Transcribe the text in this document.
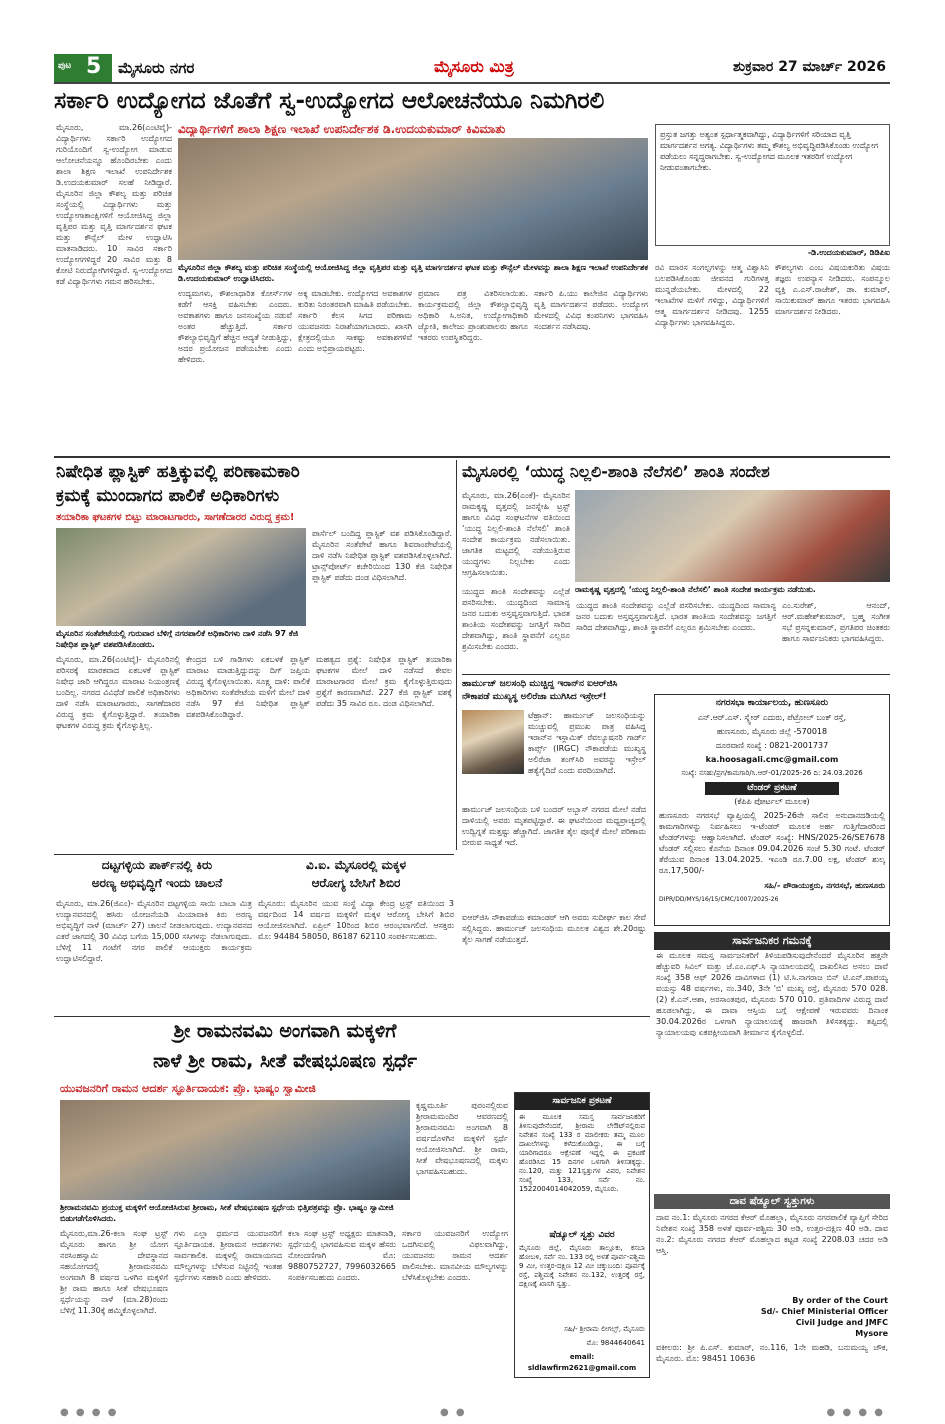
ಪುಟ 5 ಮೈಸೂರು ನಗರ	ಮೈಸೂರು ಮಿತ್ರ	ಶುಕ್ರವಾರ 27 ಮಾರ್ಚ್ 2026
ಸರ್ಕಾರಿ ಉದ್ಯೋಗದ ಜೊತೆಗೆ ಸ್ವ-ಉದ್ಯೋಗದ ಆಲೋಚನೆಯೂ ನಿಮಗಿರಲಿ
ವಿದ್ಯಾರ್ಥಿಗಳಿಗೆ ಶಾಲಾ ಶಿಕ್ಷಣ ಇಲಾಖೆ ಉಪನಿರ್ದೇಶಕ ಡಿ.ಉದಯಕುಮಾರ್ ಕಿವಿಮಾತು
ಮೈಸೂರು, ಮಾ.26(ಎಂಟಿವೈ)- ವಿದ್ಯಾರ್ಥಿಗಳು ಸರ್ಕಾರಿ ಉದ್ಯೋಗದ ಗುರಿಯೊಂದಿಗೆ ಸ್ವ-ಉದ್ಯೋಗ ಮಾಡುವ ಆಲೋಚನೆಯನ್ನೂ ಹೊಂದಿರಬೇಕು ಎಂದು ಶಾಲಾ ಶಿಕ್ಷಣ ಇಲಾಖೆ ಉಪನಿರ್ದೇಶಕ ಡಿ.ಉದಯಕುಮಾರ್ ಸಲಹೆ ನೀಡಿದ್ದಾರೆ. ಮೈಸೂರಿನ ಜಿಲ್ಲಾ ಕೌಶಲ್ಯ ಮತ್ತು ಪರಿಚಿತ ಸಂಸ್ಥೆಯಲ್ಲಿ ವಿದ್ಯಾರ್ಥಿಗಳು ಮತ್ತು ಉದ್ಯೋಗಾಕಾಂಕ್ಷಿಗಳಿಗೆ ಆಯೋಜಿಸಿದ್ದ ಜಿಲ್ಲಾ ವೃತ್ತಿಪರ ಮತ್ತು ವೃತ್ತಿ ಮಾರ್ಗದರ್ಶನ ಘಟಕ ಮತ್ತು ಕೌನ್ಸೆಲ್ ಮೇಳ ಉದ್ಘಾಟಿಸಿ ಮಾತನಾಡಿದರು. 10 ಸಾವಿರ ಸರ್ಕಾರಿ ಉದ್ಯೋಗಗಳಿದ್ದರೆ 20 ಸಾವಿರ ಮತ್ತು 8 ಕೋಟಿ ನಿರುದ್ಯೋಗಿಗಳಿದ್ದಾರೆ. ಸ್ವ-ಉದ್ಯೋಗದ ಕಡೆ ವಿದ್ಯಾರ್ಥಿಗಳು ಗಮನ ಹರಿಸಬೇಕು.
ಮೈಸೂರಿನ ಜಿಲ್ಲಾ ಕೌಶಲ್ಯ ಮತ್ತು ಪರಿಚಿತ ಸಂಸ್ಥೆಯಲ್ಲಿ ಆಯೋಜಿಸಿದ್ದ ಜಿಲ್ಲಾ ವೃತ್ತಿಪರ ಮತ್ತು ವೃತ್ತಿ ಮಾರ್ಗದರ್ಶನ ಘಟಕ ಮತ್ತು ಕೌನ್ಸೆಲ್ ಮೇಳವನ್ನು ಶಾಲಾ ಶಿಕ್ಷಣ ಇಲಾಖೆ ಉಪನಿರ್ದೇಶಕ ಡಿ.ಉದಯಕುಮಾರ್ ಉದ್ಘಾಟಿಸಿದರು.
ಉದ್ಯಮಗಳು, ಕೌಶಲಾಧಾರಿತ ಕೋರ್ಸ್‌ಗಳ ಕಡೆಗೆ ಆಸಕ್ತಿ ವಹಿಸಬೇಕು ಎಂದರು. ಅವಕಾಶಗಳು ಹಾಗೂ ಜನಸಂಖ್ಯೆಯ ನಡುವೆ ಅಂತರ ಹೆಚ್ಚುತ್ತಿದೆ. ಸರ್ಕಾರ ಕೌಶಲ್ಯಾಭಿವೃದ್ಧಿಗೆ ಹೆಚ್ಚಿನ ಆದ್ಯತೆ ನೀಡುತ್ತಿದ್ದು, ಅದರ ಪ್ರಯೋಜನ ಪಡೆಯಬೇಕು ಎಂದು ಹೇಳಿದರು.
ಅಕ್ಕ ಮಾಡಬೇಕು. ಉದ್ಯೋಗದ ಅವಕಾಶಗಳ ಕುರಿತು ನಿರಂತರವಾಗಿ ಮಾಹಿತಿ ಪಡೆಯಬೇಕು. ಸರ್ಕಾರಿ ಕೆಲಸ ಸಿಗದ ಪರಿಣಾಮ ಯುವಜನರು ನಿರಾಶೆಯಾಗಬಾರದು. ಖಾಸಗಿ ಕ್ಷೇತ್ರದಲ್ಲಿಯೂ ಸಾಕಷ್ಟು ಅವಕಾಶಗಳಿವೆ ಎಂದು ಅಭಿಪ್ರಾಯಪಟ್ಟರು.
ಪ್ರಮಾಣ ಪತ್ರ ವಿತರಿಸಲಾಯಿತು. ಕಾರ್ಯಕ್ರಮದಲ್ಲಿ ಜಿಲ್ಲಾ ಕೌಶಲ್ಯಾಭಿವೃದ್ಧಿ ಅಧಿಕಾರಿ ಸಿ.ಅನಿತ, ಉದ್ಯೋಗಾಧಿಕಾರಿ ಜ್ಯೋತಿ, ಕಾಲೇಜು ಪ್ರಾಂಶುಪಾಲರು ಹಾಗೂ ಇತರರು ಉಪಸ್ಥಿತರಿದ್ದರು.
ಸರ್ಕಾರಿ ಪಿ.ಯು ಕಾಲೇಜಿನ ವಿದ್ಯಾರ್ಥಿಗಳು ವೃತ್ತಿ ಮಾರ್ಗದರ್ಶನ ಪಡೆದರು. ಉದ್ಯೋಗ ಮೇಳದಲ್ಲಿ ವಿವಿಧ ಕಂಪನಿಗಳು ಭಾಗವಹಿಸಿ ಸಂದರ್ಶನ ನಡೆಸಿದವು.
ಪ್ರಸ್ತುತ ಜಗತ್ತು ಅತ್ಯಂತ ಸ್ಪರ್ಧಾತ್ಮಕವಾಗಿದ್ದು, ವಿದ್ಯಾರ್ಥಿಗಳಿಗೆ ಸರಿಯಾದ ವೃತ್ತಿ ಮಾರ್ಗದರ್ಶನ ಅಗತ್ಯ. ವಿದ್ಯಾರ್ಥಿಗಳು ತಮ್ಮ ಕೌಶಲ್ಯ ಅಭಿವೃದ್ಧಿಪಡಿಸಿಕೊಂಡು ಉದ್ಯೋಗ ಪಡೆಯಲು ಸನ್ನದ್ಧರಾಗಬೇಕು. ಸ್ವ-ಉದ್ಯೋಗದ ಮೂಲಕ ಇತರರಿಗೆ ಉದ್ಯೋಗ ನೀಡುವಂತಾಗಬೇಕು.
-ಡಿ.ಉದಯಕುಮಾರ್, ಡಿಡಿಪಿಐ
ರವಿ ಮಾರಸ ಸಂಗಲ್ಪಗಳನ್ನು ಆತ್ಮ ವಿಶ್ವಾಸಿನಿ ಬಲಪಡಿಸಿಕೊಂಡು ಜೀವನದ ಗುರಿಗಳತ್ತ ಮುನ್ನಡೆಯಬೇಕು. ಮೇಳದಲ್ಲಿ 22 ಇಲಾಖೆಗಳ ಮಳಿಗೆ ಗಳಿದ್ದು, ವಿದ್ಯಾರ್ಥಿಗಳಿಗೆ ಆತ್ಮ ಮಾರ್ಗದರ್ಶನ ನೀಡಿದವು. 1255 ವಿದ್ಯಾರ್ಥಿಗಳು ಭಾಗವಹಿಸಿದ್ದರು.
ಕೌಶಲ್ಯಗಳು ಎಂಬ ವಿಷಯಕುರಿತು ವಿಷಯ ತಜ್ಞರು ಉಪನ್ಯಾಸ ನೀಡಿದರು. ಸಂಪನ್ಮೂಲ ವ್ಯಕ್ತಿ ಎ.ಎಸ್.ರಾಜೇಶ್, ಡಾ. ಕುಮಾರ್, ಸಾಯಿಕುಮಾರ್ ಹಾಗೂ ಇತರರು ಭಾಗವಹಿಸಿ ಮಾರ್ಗದರ್ಶನ ನೀಡಿದರು.
ನಿಷೇಧಿತ ಪ್ಲಾಸ್ಟಿಕ್ ಹತ್ತಿಕ್ಕುವಲ್ಲಿ ಪರಿಣಾಮಕಾರಿ
ಕ್ರಮಕ್ಕೆ ಮುಂದಾಗದ ಪಾಲಿಕೆ ಅಧಿಕಾರಿಗಳು
ತಯಾರಿಕಾ ಘಟಕಗಳ ಬಿಟ್ಟು ಮಾರಾಟಗಾರರು, ಸಾಗಣೆದಾರರ ವಿರುದ್ಧ ಕ್ರಮ!
ಮೈಸೂರಿನ ಸಂತೆಪೇಟೆಯಲ್ಲಿ ಗುರುವಾರ ಬೆಳಿಗ್ಗೆ ನಗರಪಾಲಿಕೆ ಅಧಿಕಾರಿಗಳು ದಾಳಿ ನಡೆಸಿ 97 ಕೆಜಿ ನಿಷೇಧಿತ ಪ್ಲಾಸ್ಟಿಕ್ ವಶಪಡಿಸಿಕೊಂಡರು.
ಪಾರ್ಸೆಲ್ ಬಂದಿದ್ದ ಪ್ಲಾಸ್ಟಿಕ್ ವಶ ಪಡಿಸಿಕೊಂಡಿದ್ದಾರೆ. ಮೈಸೂರಿನ ಸಂತೆಪೇಟೆ ಹಾಗೂ ಶಿವರಾಂಪೇಟೆಯಲ್ಲಿ ದಾಳಿ ನಡೆಸಿ ನಿಷೇಧಿತ ಪ್ಲಾಸ್ಟಿಕ್ ವಶಪಡಿಸಿಕೊಳ್ಳಲಾಗಿದೆ. ಟ್ರಾನ್ಸ್‌ಪೋರ್ಟ್ ಕಚೇರಿಯಿಂದ 130 ಕೆಜಿ ನಿಷೇಧಿತ ಪ್ಲಾಸ್ಟಿಕ್ ಪಡೆದು ದಂಡ ವಿಧಿಸಲಾಗಿದೆ.
ಮೈಸೂರು, ಮಾ.26(ಎಂಟಿವೈ)- ಮೈಸೂರಿನಲ್ಲಿ ಪರಿಸರಕ್ಕೆ ಮಾರಕವಾದ ಏಕಬಳಕೆ ಪ್ಲಾಸ್ಟಿಕ್ ನಿಷೇಧ ಜಾರಿ ಆಗಿದ್ದರೂ ಮಾರಾಟ ನಿಯಂತ್ರಣಕ್ಕೆ ಬಂದಿಲ್ಲ. ನಗರದ ವಿವಿಧೆಡೆ ಪಾಲಿಕೆ ಅಧಿಕಾರಿಗಳು ದಾಳಿ ನಡೆಸಿ ಮಾರಾಟಗಾರರು, ಸಾಗಣೆದಾರರ ವಿರುದ್ಧ ಕ್ರಮ ಕೈಗೊಳ್ಳುತ್ತಿದ್ದಾರೆ. ತಯಾರಿಕಾ ಘಟಕಗಳ ವಿರುದ್ಧ ಕ್ರಮ ಕೈಗೊಳ್ಳುತ್ತಿಲ್ಲ.
ಕೇಂದ್ರದ ಬಳಿ ಗಾಡಿಗಳು ಏಕಬಳಕೆ ಪ್ಲಾಸ್ಟಿಕ್ ಮಾರಾಟ ಮಾಡುತ್ತಿದ್ದುದನ್ನು ದಿಗ್ ಜಪ್ತಿಯ ವಿರುದ್ಧ ಕೈಗೊಳ್ಳಲಾಯಿತು. ಸೂಕ್ಷ್ಮ ದಾಳಿ: ಪಾಲಿಕೆ ಅಧಿಕಾರಿಗಳು ಸಂತೆಪೇಟೆಯ ಮಳಿಗೆ ಮೇಲೆ ದಾಳಿ ನಡೆಸಿ 97 ಕೆಜಿ ನಿಷೇಧಿತ ಪ್ಲಾಸ್ಟಿಕ್ ವಶಪಡಿಸಿಕೊಂಡಿದ್ದಾರೆ.
ಮಹತ್ವದ ಪ್ರಶ್ನೆ: ನಿಷೇಧಿತ ಪ್ಲಾಸ್ಟಿಕ್ ತಯಾರಿಕಾ ಘಟಕಗಳ ಮೇಲೆ ದಾಳಿ ನಡೆಸದೆ ಕೇವಲ ಮಾರಾಟಗಾರರ ಮೇಲೆ ಕ್ರಮ ಕೈಗೊಳ್ಳುತ್ತಿರುವುದು ಪ್ರಶ್ನೆಗೆ ಕಾರಣವಾಗಿದೆ. 227 ಕೆಜಿ ಪ್ಲಾಸ್ಟಿಕ್ ವಶಕ್ಕೆ ಪಡೆದು 35 ಸಾವಿರ ರೂ. ದಂಡ ವಿಧಿಸಲಾಗಿದೆ.
ಮೈಸೂರಲ್ಲಿ ‘ಯುದ್ಧ ನಿಲ್ಲಲಿ-ಶಾಂತಿ ನೆಲೆಸಲಿ’ ಶಾಂತಿ ಸಂದೇಶ
ಮೈಸೂರು, ಮಾ.26(ಎಂಕೆ)- ಮೈಸೂರಿನ ರಾಮಕೃಷ್ಣ ವೃತ್ತದಲ್ಲಿ ಜನಸ್ನೇಹಿ ಟ್ರಸ್ಟ್ ಹಾಗೂ ವಿವಿಧ ಸಂಘಟನೆಗಳ ವತಿಯಿಂದ ‘ಯುದ್ಧ ನಿಲ್ಲಲಿ-ಶಾಂತಿ ನೆಲೆಸಲಿ’ ಶಾಂತಿ ಸಂದೇಶ ಕಾರ್ಯಕ್ರಮ ನಡೆಸಲಾಯಿತು. ಜಾಗತಿಕ ಮಟ್ಟದಲ್ಲಿ ನಡೆಯುತ್ತಿರುವ ಯುದ್ಧಗಳು ನಿಲ್ಲಬೇಕು ಎಂದು ಆಗ್ರಹಿಸಲಾಯಿತು.
ರಾಮಕೃಷ್ಣ ವೃತ್ತದಲ್ಲಿ ‘ಯುದ್ಧ ನಿಲ್ಲಲಿ-ಶಾಂತಿ ನೆಲೆಸಲಿ’ ಶಾಂತಿ ಸಂದೇಶ ಕಾರ್ಯಕ್ರಮ ನಡೆಯಿತು.
ಯುದ್ಧದ ಶಾಂತಿ ಸಂದೇಶವನ್ನು ಎಲ್ಲೆಡೆ ಪಸರಿಸಬೇಕು. ಯುದ್ಧದಿಂದ ಸಾಮಾನ್ಯ ಜನರ ಬದುಕು ಅಸ್ತವ್ಯಸ್ತವಾಗುತ್ತಿದೆ. ಭಾರತ ಶಾಂತಿಯ ಸಂದೇಶವನ್ನು ಜಗತ್ತಿಗೆ ಸಾರಿದ ದೇಶವಾಗಿದ್ದು, ಶಾಂತಿ ಸ್ಥಾಪನೆಗೆ ಎಲ್ಲರೂ ಶ್ರಮಿಸಬೇಕು ಎಂದರು.
ಯುದ್ಧದ ಶಾಂತಿ ಸಂದೇಶವನ್ನು ಎಲ್ಲೆಡೆ ಪಸರಿಸಬೇಕು. ಯುದ್ಧದಿಂದ ಸಾಮಾನ್ಯ ಜನರ ಬದುಕು ಅಸ್ತವ್ಯಸ್ತವಾಗುತ್ತಿದೆ. ಭಾರತ ಶಾಂತಿಯ ಸಂದೇಶವನ್ನು ಜಗತ್ತಿಗೆ ಸಾರಿದ ದೇಶವಾಗಿದ್ದು, ಶಾಂತಿ ಸ್ಥಾಪನೆಗೆ ಎಲ್ಲರೂ ಶ್ರಮಿಸಬೇಕು ಎಂದರು.
ಎಂ.ಸುರೇಶ್, ಆನಂದ್, ಆರ್.ಮಹೇಶ್‌ಕುಮಾರ್, ಬ್ರಹ್ಮ ಸಂಗೀತ ಸಭೆ ಪ್ರಸನ್ನಕುಮಾರ್, ಪ್ರಗತಿಪರ ಚಿಂತಕರು ಹಾಗೂ ಸಾರ್ವಜನಿಕರು ಭಾಗವಹಿಸಿದ್ದರು.
ಹಾರ್ಮುಜ್ ಜಲಸಂಧಿ ಮುಚ್ಚಿದ್ದ ಇರಾನ್‌ನ ಐಆರ್‌ಜಿಸಿ ನೌಕಾಪಡೆ ಮುಖ್ಯಸ್ಥ ಅಲಿರೆಜಾ ಮುಗಿಸಿದ ಇಸ್ರೇಲ್!
ಟೆಹ್ರಾನ್: ಹಾರ್ಮುಜ್ ಜಲಸಂಧಿಯನ್ನು ಮುಚ್ಚುವಲ್ಲಿ ಪ್ರಮುಖ ಪಾತ್ರ ವಹಿಸಿದ್ದ ಇರಾನ್‌ನ ಇಸ್ಲಾಮಿಕ್ ರೆವಲ್ಯೂಷನರಿ ಗಾರ್ಡ್ ಕಾರ್ಪ್ಸ್ (IRGC) ನೌಕಾಪಡೆಯ ಮುಖ್ಯಸ್ಥ ಅಲಿರೆಜಾ ತಂಗ್‌ಸಿರಿ ಅವರನ್ನು ಇಸ್ರೇಲ್ ಹತ್ಯೆಗೈದಿದೆ ಎಂದು ವರದಿಯಾಗಿದೆ.
ಹಾರ್ಮುಜ್ ಜಲಸಂಧಿಯ ಬಳಿ ಬಂದರ್ ಅಬ್ಬಾಸ್ ನಗರದ ಮೇಲೆ ನಡೆದ ದಾಳಿಯಲ್ಲಿ ಅವರು ಮೃತಪಟ್ಟಿದ್ದಾರೆ. ಈ ಘಟನೆಯಿಂದ ಮಧ್ಯಪ್ರಾಚ್ಯದಲ್ಲಿ ಉದ್ವಿಗ್ನತೆ ಮತ್ತಷ್ಟು ಹೆಚ್ಚಾಗಿದೆ. ಜಾಗತಿಕ ತೈಲ ಪೂರೈಕೆ ಮೇಲೆ ಪರಿಣಾಮ ಬೀರುವ ಸಾಧ್ಯತೆ ಇದೆ.
ಐಆರ್‌ಜಿಸಿ ನೌಕಾಪಡೆಯ ಕಮಾಂಡರ್ ಆಗಿ ಅವರು ಸುದೀರ್ಘ ಕಾಲ ಸೇವೆ ಸಲ್ಲಿಸಿದ್ದರು. ಹಾರ್ಮುಜ್ ಜಲಸಂಧಿಯ ಮೂಲಕ ವಿಶ್ವದ ಶೇ.20ರಷ್ಟು ತೈಲ ಸಾಗಣೆ ನಡೆಯುತ್ತದೆ.
ನಗರಸಭಾ ಕಾರ್ಯಾಲಯ, ಹುಣಸೂರು
ಎನ್.ಆರ್.ಎಸ್. ಸ್ಕ್ವೇರ್ ಎದುರು, ಪೆಟ್ರೋಲ್ ಬಂಕ್ ರಸ್ತೆ,
ಹುಣಸೂರು, ಮೈಸೂರು ಜಿಲ್ಲೆ -570018
ದೂರವಾಣಿ ಸಂಖ್ಯೆ : 0821-2001737
ka.hoosagali.cmc@gmail.com
ಸಂಖ್ಯೆ: ನಸಹು/ಪ್ರಗ/ಕಾಮಗಾರಿ/ಸಿ.ಆರ್-01/2025-26 ದಿ: 24.03.2026
ಟೆಂಡರ್ ಪ್ರಕಟಣೆ
(ಕೆಪಿಪಿ ಪೋರ್ಟಲ್ ಮೂಲಕ)
ಹುಣಸೂರು ನಗರಸಭೆ ವ್ಯಾಪ್ತಿಯಲ್ಲಿ 2025-26ನೇ ಸಾಲಿನ ಅನುದಾನದಡಿಯಲ್ಲಿ ಕಾಮಗಾರಿಗಳನ್ನು ನಿರ್ವಹಿಸಲು ಇ-ಟೆಂಡರ್ ಮೂಲಕ ಅರ್ಹ ಗುತ್ತಿಗೆದಾರರಿಂದ ಟೆಂಡರ್‌ಗಳನ್ನು ಆಹ್ವಾನಿಸಲಾಗಿದೆ. ಟೆಂಡರ್ ಸಂಖ್ಯೆ: HNS/2025-26/SE7678 ಟೆಂಡರ್ ಸಲ್ಲಿಸಲು ಕೊನೆಯ ದಿನಾಂಕ 09.04.2026 ಸಂಜೆ 5.30 ಗಂಟೆ. ಟೆಂಡರ್ ತೆರೆಯುವ ದಿನಾಂಕ 13.04.2025. ಇಎಂಡಿ ರೂ.7.00 ಲಕ್ಷ, ಟೆಂಡರ್ ಶುಲ್ಕ ರೂ.17,500/-
ಸಹಿ/- ಪೌರಾಯುಕ್ತರು, ನಗರಸಭೆ, ಹುಣಸೂರು
DIPR/DD/MYS/16/15/CMC/1007/2025-26
ದಟ್ಟಗಳ್ಳಿಯ ಪಾರ್ಕ್‌ನಲ್ಲಿ ಕಿರು
ಅರಣ್ಯ ಅಭಿವೃದ್ಧಿಗೆ ಇಂದು ಚಾಲನೆ
ಮೈಸೂರು, ಮಾ.26(ಜಿಎಂ)- ಮೈಸೂರಿನ ದಟ್ಟಗಳ್ಳಿಯ ಸಾಯಿ ಬಾಬಾ ಮಿತ್ರ ಉದ್ಯಾನವನದಲ್ಲಿ ಹಸಿರು ಯೋಜನೆಯಡಿ ಮಿಯಾವಾಕಿ ಕಿರು ಅರಣ್ಯ ಅಭಿವೃದ್ಧಿಗೆ ನಾಳೆ (ಮಾರ್ಚ್ 27) ಚಾಲನೆ ನೀಡಲಾಗುವುದು. ಉದ್ಯಾನವನದ ಎಕರೆ ಜಾಗದಲ್ಲಿ 30 ವಿವಿಧ ಬಗೆಯ 15,000 ಸಸಿಗಳನ್ನು ನೆಡಲಾಗುವುದು. ಬೆಳಿಗ್ಗೆ 11 ಗಂಟೆಗೆ ನಗರ ಪಾಲಿಕೆ ಆಯುಕ್ತರು ಕಾರ್ಯಕ್ರಮ ಉದ್ಘಾಟಿಸಲಿದ್ದಾರೆ.
ವಿ.ಐ. ಮೈಸೂರಲ್ಲಿ ಮಕ್ಕಳ
ಆರೋಗ್ಯ ಬೇಸಿಗೆ ಶಿಬಿರ
ಮೈಸೂರು: ಮೈಸೂರಿನ ಯುವ ಸಂಸ್ಥೆ ವಿದ್ಯಾ ಕೇಂದ್ರ ಟ್ರಸ್ಟ್ ವತಿಯಿಂದ 3 ವರ್ಷದಿಂದ 14 ವರ್ಷದ ಮಕ್ಕಳಿಗೆ ಮಕ್ಕಳ ಆರೋಗ್ಯ ಬೇಸಿಗೆ ಶಿಬಿರ ಆಯೋಜಿಸಲಾಗಿದೆ. ಏಪ್ರಿಲ್ 10ರಿಂದ ಶಿಬಿರ ಆರಂಭವಾಗಲಿದೆ. ಆಸಕ್ತರು ಮೊ: 94484 58050, 86187 62110 ಸಂಪರ್ಕಿಸಬಹುದು.	ಸಾರ್ವಜನಿಕರ ಗಮನಕ್ಕೆ
ಈ ಮೂಲಕ ಸಮಸ್ತ ಸಾರ್ವಜನಿಕರಿಗೆ ತಿಳಿಯಪಡಿಸುವುದೇನೆಂದರೆ ಮೈಸೂರಿನ ಹತ್ತನೇ ಹೆಚ್ಚುವರಿ ಸಿವಿಲ್ ಮತ್ತು ಜೆ.ಎಂ.ಎಫ್.ಸಿ ನ್ಯಾಯಾಲಯದಲ್ಲಿ ದಾಖಲಿಸಿದ ಅಸಲು ದಾವೆ ಸಂಖ್ಯೆ 358 ಆಫ್ 2026 ದಾವಿಗಳಾದ (1) ಟಿ.ಸಿ.ನಾಗರಾಜ ಬಿನ್ ಟಿ.ಎನ್.ಪಾಪಯ್ಯ ವಯಸ್ಸು 48 ವರ್ಷಗಳು, ನಂ.340, 3ನೇ 'ಬಿ' ಮುಖ್ಯ ರಸ್ತೆ, ಮೈಸೂರು 570 028. (2) ಕೆ.ಎನ್.ಆಶಾ, ಅರಸಾಂತಪುರ, ಮೈಸೂರು 570 010. ಪ್ರತಿವಾದಿಗಳ ವಿರುದ್ಧ ದಾವೆ ಹೂಡಲಾಗಿದ್ದು, ಈ ದಾವಾ ಆಸ್ತಿಯ ಬಗ್ಗೆ ಆಕ್ಷೇಪಣೆ ಇರುವವರು ದಿನಾಂಕ 30.04.2026ರ ಒಳಗಾಗಿ ನ್ಯಾಯಾಲಯಕ್ಕೆ ಹಾಜರಾಗಿ ತಿಳಿಸತಕ್ಕದ್ದು. ತಪ್ಪಿದಲ್ಲಿ ನ್ಯಾಯಾಲಯವು ಏಕಪಕ್ಷೀಯವಾಗಿ ತೀರ್ಮಾನ ಕೈಗೊಳ್ಳಲಿದೆ.
ದಾವ ಷೆಡ್ಯೂಲ್ ಸ್ವತ್ತುಗಳು
ದಾವ ನಂ.1: ಮೈಸೂರು ನಗರದ ಕೆಆರ್ ಮೊಹಲ್ಲಾ, ಮೈಸೂರು ನಗರಪಾಲಿಕೆ ವ್ಯಾಪ್ತಿಗೆ ಸೇರಿದ ನಿವೇಶನ ಸಂಖ್ಯೆ 358 ಅಳತೆ ಪೂರ್ವ-ಪಶ್ಚಿಮ 30 ಅಡಿ, ಉತ್ತರ-ದಕ್ಷಿಣ 40 ಅಡಿ. ದಾವ ನಂ.2: ಮೈಸೂರು ನಗರದ ಕೆಆರ್ ಮೊಹಲ್ಲಾದ ಕಟ್ಟಡ ಸಂಖ್ಯೆ 2208.03 ಚದರ ಅಡಿ ಆಸ್ತಿ.
By order of the Court
Sd/- Chief Ministerial Officer
Civil Judge and JMFC
Mysore
ವಕೀಲರು: ಶ್ರೀ ಪಿ.ಎಸ್. ಕುಮಾರ್, ನಂ.116, 1ನೇ ಮಹಡಿ, ಬನುಮಯ್ಯ ಚೌಕ, ಮೈಸೂರು. ಮೊ: 98451 10636
ಶ್ರೀ ರಾಮನವಮಿ ಅಂಗವಾಗಿ ಮಕ್ಕಳಿಗೆ
ನಾಳೆ ಶ್ರೀ ರಾಮ, ಸೀತೆ ವೇಷಭೂಷಣ ಸ್ಪರ್ಧೆ
ಯುವಜನರಿಗೆ ರಾಮನ ಆದರ್ಶ ಸ್ಫೂರ್ತಿದಾಯಕ: ಪ್ರೊ. ಭಾಷ್ಯಂ ಸ್ವಾಮೀಜಿ
ಶ್ರೀರಾಮನವಮಿ ಪ್ರಯುಕ್ತ ಮಕ್ಕಳಿಗೆ ಆಯೋಜಿಸಿರುವ ಶ್ರೀರಾಮ, ಸೀತೆ ವೇಷಭೂಷಣ ಸ್ಪರ್ಧೆಯ ಭಿತ್ತಿಪತ್ರವನ್ನು ಪ್ರೊ. ಭಾಷ್ಯಂ ಸ್ವಾಮೀಜಿ ಬಿಡುಗಡೆಗೊಳಿಸಿದರು.
ಕೃಷ್ಣಮೂರ್ತಿ ಪುರಂನಲ್ಲಿರುವ ಶ್ರೀರಾಮಮಂದಿರ ಆವರಣದಲ್ಲಿ ಶ್ರೀರಾಮನವಮಿ ಅಂಗವಾಗಿ 8 ವರ್ಷದೊಳಗಿನ ಮಕ್ಕಳಿಗೆ ಸ್ಪರ್ಧೆ ಆಯೋಜಿಸಲಾಗಿದೆ. ಶ್ರೀ ರಾಮ, ಸೀತೆ ವೇಷಭೂಷಣದಲ್ಲಿ ಮಕ್ಕಳು ಭಾಗವಹಿಸಬಹುದು.
ಮೈಸೂರು,ಮಾ.26-ಕಲಾ ಸಂಘ ಟ್ರಸ್ಟ್ ಮೈಸೂರು ಹಾಗೂ ಶ್ರೀ ಯೋಗ ನರಸಿಂಹಸ್ವಾಮಿ ದೇವಸ್ಥಾನದ ಸಹಯೋಗದಲ್ಲಿ ಶ್ರೀರಾಮನವಮಿ ಅಂಗವಾಗಿ 8 ವರ್ಷದ ಒಳಗಿನ ಮಕ್ಕಳಿಗೆ ಶ್ರೀ ರಾಮ ಹಾಗೂ ಸೀತೆ ವೇಷಭೂಷಣ ಸ್ಪರ್ಧೆಯನ್ನು ನಾಳೆ (ಮಾ.28)ರಂದು ಬೆಳಿಗ್ಗೆ 11.30ಕ್ಕೆ ಹಮ್ಮಿಕೊಳ್ಳಲಾಗಿದೆ.
ಗಳು ಎಲ್ಲಾ ಧರ್ಮದ ಯುವಜನರಿಗೆ ಸ್ಫೂರ್ತಿದಾಯಕ. ಶ್ರೀರಾಮನ ಆದರ್ಶಗಳು ಸಾರ್ವಕಾಲಿಕ. ಮಕ್ಕಳಲ್ಲಿ ರಾಮಾಯಣದ ಮೌಲ್ಯಗಳನ್ನು ಬೆಳೆಸುವ ನಿಟ್ಟಿನಲ್ಲಿ ಇಂತಹ ಸ್ಪರ್ಧೆಗಳು ಸಹಕಾರಿ ಎಂದು ಹೇಳಿದರು.
ಕಲಾ ಸಂಘ ಟ್ರಸ್ಟ್ ಅಧ್ಯಕ್ಷರು ಮಾತನಾಡಿ, ಸ್ಪರ್ಧೆಯಲ್ಲಿ ಭಾಗವಹಿಸುವ ಮಕ್ಕಳ ಹೆಸರು ನೋಂದಣಿಗಾಗಿ ಮೊ: 9880752727, 7996032665 ಸಂಪರ್ಕಿಸಬಹುದು ಎಂದರು.
ಸರ್ಕಾರ ಯುವಜನರಿಗೆ ಉದ್ಯೋಗ ಒದಗಿಸುವಲ್ಲಿ ವಿಫಲವಾಗಿದ್ದು, ಯುವಜನರು ರಾಮನ ಆದರ್ಶ ಪಾಲಿಸಬೇಕು. ಮಾನವೀಯ ಮೌಲ್ಯಗಳನ್ನು ಬೆಳೆಸಿಕೊಳ್ಳಬೇಕು ಎಂದರು.
ಸಾರ್ವಜನಿಕ ಪ್ರಕಟಣೆ
ಈ ಮೂಲಕ ಸಮಸ್ತ ಸಾರ್ವಜನಿಕರಿಗೆ ತಿಳಿಸುವುದೇನೆಂದರೆ, ಶ್ರೀರಾಮ ಲೇಔಟ್‌ನಲ್ಲಿರುವ ನಿವೇಶನ ಸಂಖ್ಯೆ 133 ರ ಮಾಲೀಕರು ತಮ್ಮ ಮೂಲ ದಾಖಲೆಗಳನ್ನು ಕಳೆದುಕೊಂಡಿದ್ದು, ಈ ಬಗ್ಗೆ ಯಾರಿಗಾದರೂ ಆಕ್ಷೇಪಣೆ ಇದ್ದಲ್ಲಿ ಈ ಪ್ರಕಟಣೆ ಹೊರಡಿಸಿದ 15 ದಿನಗಳ ಒಳಗಾಗಿ ತಿಳಿಸತಕ್ಕದ್ದು. ನಂ.120, ಮತ್ತು 121ಸ್ವತ್ತುಗಳ ವಿವರ, ನಿವೇಶನ ಸಂಖ್ಯೆ 133, ಸರ್ವೆ ನಂ. 1522004014042059, ಮೈಸೂರು.
ಷೆಡ್ಯೂಲ್ ಸ್ವತ್ತು ವಿವರ
ಮೈಸೂರು ಜಿಲ್ಲೆ, ಮೈಸೂರು ತಾಲ್ಲೂಕು, ಕಸಬಾ ಹೋಬಳಿ, ಸರ್ವೆ ನಂ. 133 ರಲ್ಲಿ ಅಳತೆ ಪೂರ್ವ-ಪಶ್ಚಿಮ 9 ಮೀ, ಉತ್ತರ-ದಕ್ಷಿಣ 12 ಮೀ ಚಕ್ಕುಬಂದಿ: ಪೂರ್ವಕ್ಕೆ ರಸ್ತೆ, ಪಶ್ಚಿಮಕ್ಕೆ ನಿವೇಶನ ನಂ.132, ಉತ್ತರಕ್ಕೆ ರಸ್ತೆ, ದಕ್ಷಿಣಕ್ಕೆ ಖಾಸಗಿ ಸ್ವತ್ತು.
ಸಹಿ/- ಶ್ರೀರಾಮ ಲೀಗಲ್ಸ್, ಮೈಸೂರು
ಮೊ: 9844640641
email: sldlawfirm2621@gmail.com
● ● ● ●	● ●	● ● ● ●
